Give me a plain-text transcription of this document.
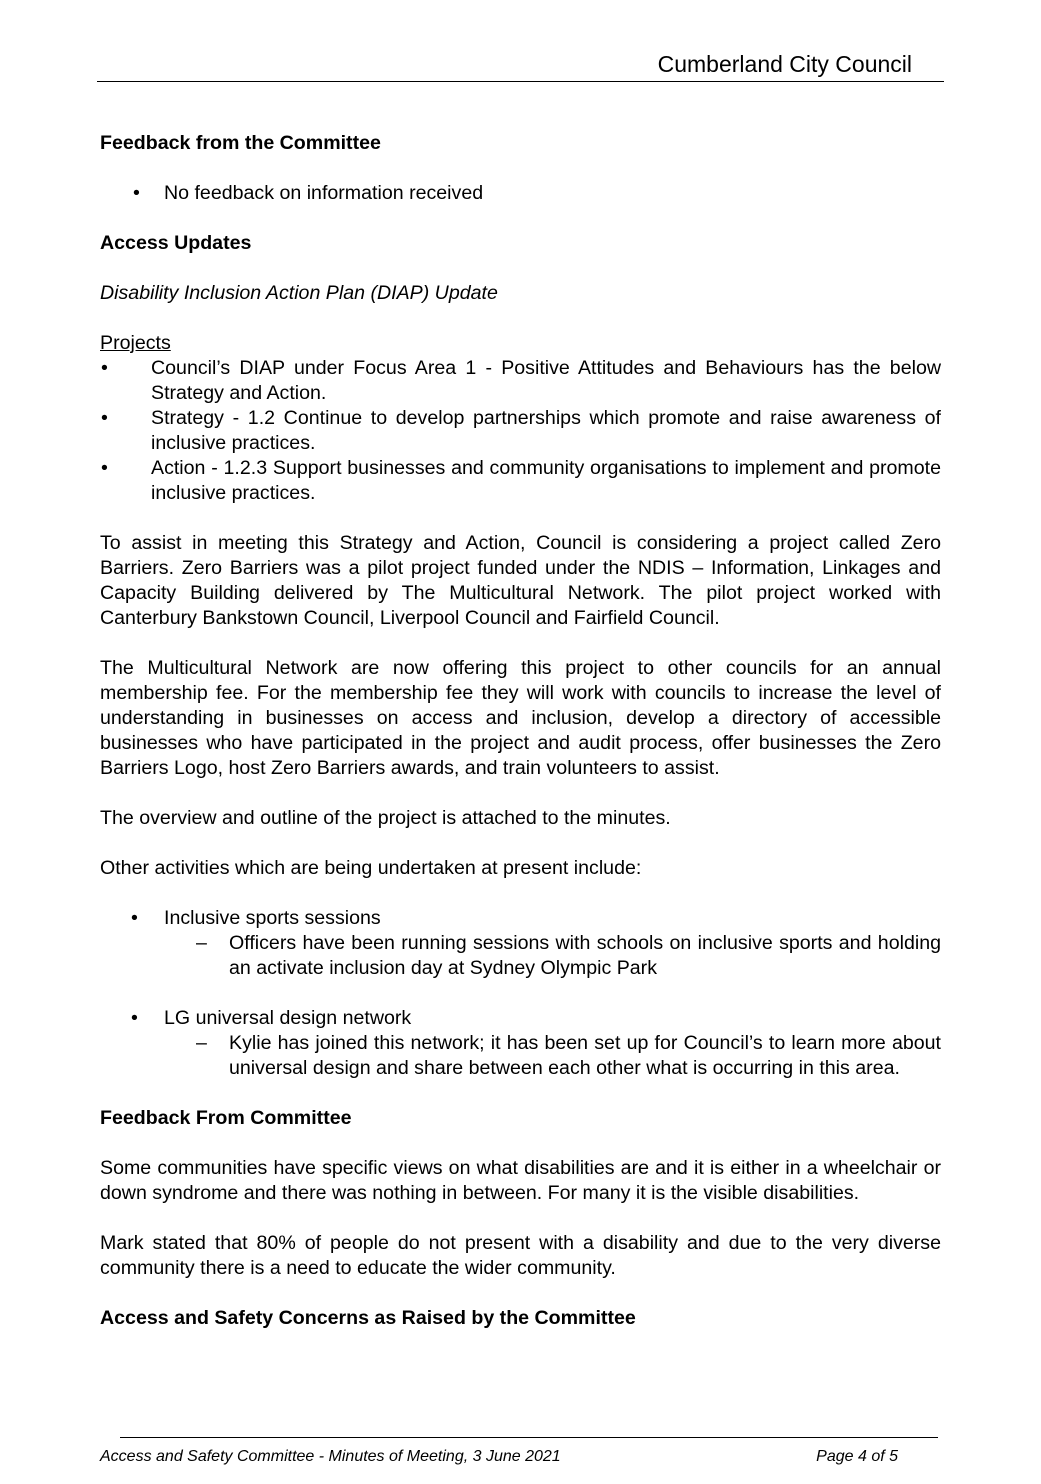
Cumberland City Council

Feedback from the Committee

• No feedback on information received

Access Updates

Disability Inclusion Action Plan (DIAP) Update

Projects

• Council’s DIAP under Focus Area 1 - Positive Attitudes and Behaviours has the below Strategy and Action.
• Strategy - 1.2 Continue to develop partnerships which promote and raise awareness of inclusive practices.
• Action - 1.2.3 Support businesses and community organisations to implement and promote inclusive practices.

To assist in meeting this Strategy and Action, Council is considering a project called Zero Barriers. Zero Barriers was a pilot project funded under the NDIS – Information, Linkages and Capacity Building delivered by The Multicultural Network. The pilot project worked with Canterbury Bankstown Council, Liverpool Council and Fairfield Council.

The Multicultural Network are now offering this project to other councils for an annual membership fee. For the membership fee they will work with councils to increase the level of understanding in businesses on access and inclusion, develop a directory of accessible businesses who have participated in the project and audit process, offer businesses the Zero Barriers Logo, host Zero Barriers awards, and train volunteers to assist.

The overview and outline of the project is attached to the minutes.

Other activities which are being undertaken at present include:

• Inclusive sports sessions
– Officers have been running sessions with schools on inclusive sports and holding an activate inclusion day at Sydney Olympic Park
• LG universal design network
– Kylie has joined this network; it has been set up for Council’s to learn more about universal design and share between each other what is occurring in this area.

Feedback From Committee

Some communities have specific views on what disabilities are and it is either in a wheelchair or down syndrome and there was nothing in between. For many it is the visible disabilities.

Mark stated that 80% of people do not present with a disability and due to the very diverse community there is a need to educate the wider community.

Access and Safety Concerns as Raised by the Committee

Access and Safety Committee - Minutes of Meeting, 3 June 2021	Page 4 of 5
